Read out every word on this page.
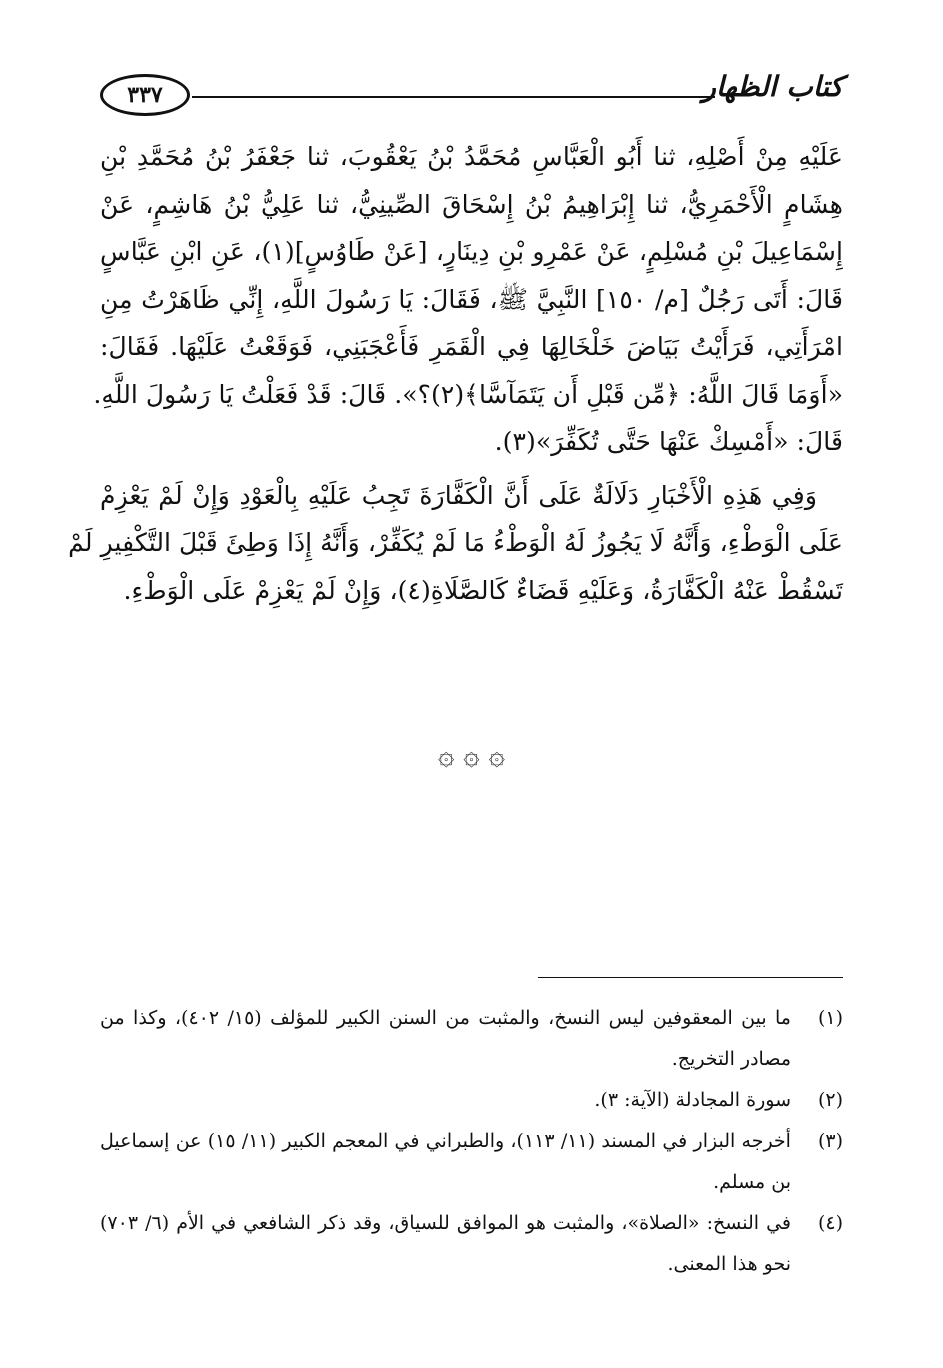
كتاب الظهار
٣٣٧
عَلَيْهِ مِنْ أَصْلِهِ، ثنا أَبُو الْعَبَّاسِ مُحَمَّدُ بْنُ يَعْقُوبَ، ثنا جَعْفَرُ بْنُ مُحَمَّدِ بْنِ
هِشَامٍ الْأَحْمَرِيُّ، ثنا إِبْرَاهِيمُ بْنُ إِسْحَاقَ الصِّينِيُّ، ثنا عَلِيُّ بْنُ هَاشِمٍ، عَنْ
إِسْمَاعِيلَ بْنِ مُسْلِمٍ، عَنْ عَمْرِو بْنِ دِينَارٍ، [عَنْ طَاوُسٍ](١)، عَنِ ابْنِ عَبَّاسٍ
قَالَ: أَتَى رَجُلٌ [م/ ١٥٠] النَّبِيَّ ﷺ، فَقَالَ: يَا رَسُولَ اللَّهِ، إِنِّي ظَاهَرْتُ مِنِ
امْرَأَتِي، فَرَأَيْتُ بَيَاضَ خَلْخَالِهَا فِي الْقَمَرِ فَأَعْجَبَنِي، فَوَقَعْتُ عَلَيْهَا. فَقَالَ:
«أَوَمَا قَالَ اللَّهُ: ﴿مِّن قَبْلِ أَن يَتَمَآسَّا﴾(٢)؟». قَالَ: قَدْ فَعَلْتُ يَا رَسُولَ اللَّهِ.
قَالَ: «أَمْسِكْ عَنْهَا حَتَّى تُكَفِّرَ»(٣).
وَفِي هَذِهِ الْأَخْبَارِ دَلَالَةٌ عَلَى أَنَّ الْكَفَّارَةَ تَجِبُ عَلَيْهِ بِالْعَوْدِ وَإِنْ لَمْ يَعْزِمْ
عَلَى الْوَطْءِ، وَأَنَّهُ لَا يَجُوزُ لَهُ الْوَطْءُ مَا لَمْ يُكَفِّرْ، وَأَنَّهُ إِذَا وَطِئَ قَبْلَ التَّكْفِيرِ لَمْ
تَسْقُطْ عَنْهُ الْكَفَّارَةُ، وَعَلَيْهِ قَضَاءٌ كَالصَّلَاةِ(٤)، وَإِنْ لَمْ يَعْزِمْ عَلَى الْوَطْءِ.
۞ ۞ ۞
(١)
ما بين المعقوفين ليس النسخ، والمثبت من السنن الكبير للمؤلف (١٥/ ٤٠٢)، وكذا من مصادر التخريج.
(٢)
سورة المجادلة (الآية: ٣).
(٣)
أخرجه البزار في المسند (١١/ ١١٣)، والطبراني في المعجم الكبير (١١/ ١٥) عن إسماعيل بن مسلم.
(٤)
في النسخ: «الصلاة»، والمثبت هو الموافق للسياق، وقد ذكر الشافعي في الأم (٦/ ٧٠٣) نحو هذا المعنى.
